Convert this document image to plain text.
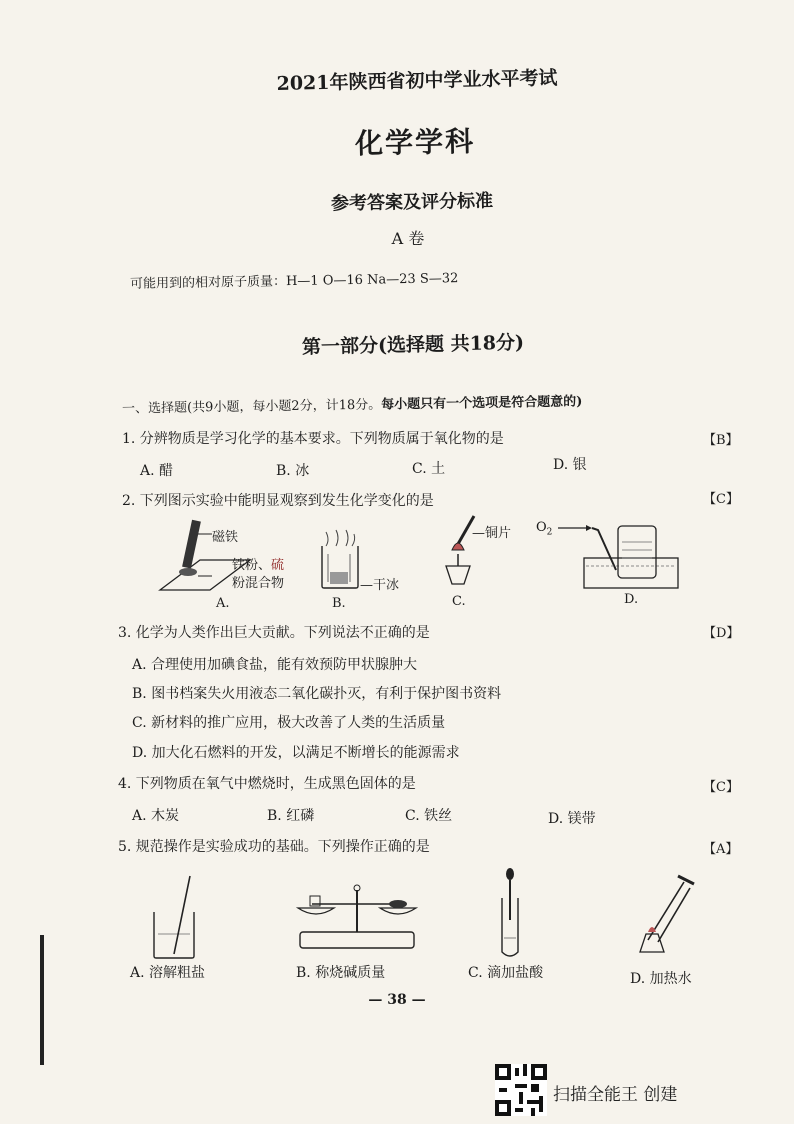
2021年陕西省初中学业水平考试
化学学科
参考答案及评分标准
A 卷
可能用到的相对原子质量：H—1 O—16 Na—23 S—32
第一部分(选择题 共18分)
一、选择题(共9小题，每小题2分，计18分。每小题只有一个选项是符合题意的)
1. 分辨物质是学习化学的基本要求。下列物质属于氧化物的是	【B】
A. 醋	B. 冰	C. 土	D. 银
2. 下列图示实验中能明显观察到发生化学变化的是	【C】
磁铁
铁粉、硫
粉混合物
A.
—干冰
B.
—铜片
C.
$O_2$
D.
3. 化学为人类作出巨大贡献。下列说法不正确的是	【D】
A. 合理使用加碘食盐，能有效预防甲状腺肿大
B. 图书档案失火用液态二氧化碳扑灭，有利于保护图书资料
C. 新材料的推广应用，极大改善了人类的生活质量
D. 加大化石燃料的开发，以满足不断增长的能源需求
4. 下列物质在氧气中燃烧时，生成黑色固体的是	【C】
A. 木炭	B. 红磷	C. 铁丝	D. 镁带
5. 规范操作是实验成功的基础。下列操作正确的是	【A】
A. 溶解粗盐	B. 称烧碱质量	C. 滴加盐酸	D. 加热水
— 38 —
扫描全能王 创建
